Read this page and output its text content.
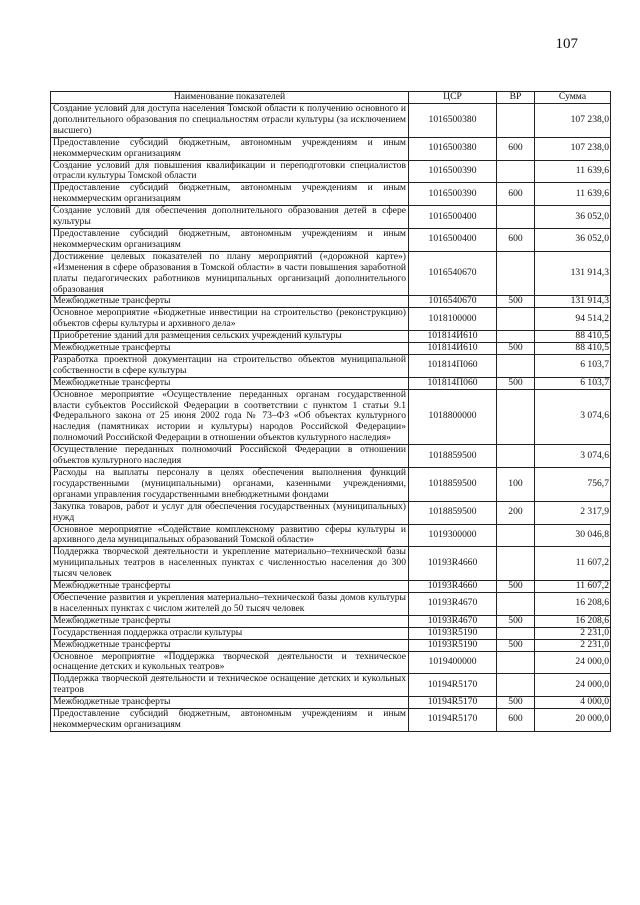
107
Наименование показателей	ЦСР	ВР	Сумма
Создание условий для доступа населения Томской области к получению основного и дополнительного образования по специальностям отрасли культуры (за исключением высшего)	1016500380		107 238,0
Предоставление субсидий бюджетным, автономным учреждениям и иным некоммерческим организациям	1016500380	600	107 238,0
Создание условий для повышения квалификации и переподготовки специалистов отрасли культуры Томской области	1016500390		11 639,6
Предоставление субсидий бюджетным, автономным учреждениям и иным некоммерческим организациям	1016500390	600	11 639,6
Создание условий для обеспечения дополнительного образования детей в сфере культуры	1016500400		36 052,0
Предоставление субсидий бюджетным, автономным учреждениям и иным некоммерческим организациям	1016500400	600	36 052,0
Достижение целевых показателей по плану мероприятий («дорожной карте») «Изменения в сфере образования в Томской области» в части повышения заработной платы педагогических работников муниципальных организаций дополнительного образования	1016540670		131 914,3
Межбюджетные трансферты	1016540670	500	131 914,3
Основное мероприятие «Бюджетные инвестиции на строительство (реконструкцию) объектов сферы культуры и архивного дела»	1018100000		94 514,2
Приобретение зданий для размещения сельских учреждений культуры	101814И610		88 410,5
Межбюджетные трансферты	101814И610	500	88 410,5
Разработка проектной документации на строительство объектов муниципальной собственности в сфере культуры	101814П060		6 103,7
Межбюджетные трансферты	101814П060	500	6 103,7
Основное мероприятие «Осуществление переданных органам государственной власти субъектов Российской Федерации в соответствии с пунктом 1 статьи 9.1 Федерального закона от 25 июня 2002 года № 73–ФЗ «Об объектах культурного наследия (памятниках истории и культуры) народов Российской Федерации» полномочий Российской Федерации в отношении объектов культурного наследия»	1018800000		3 074,6
Осуществление переданных полномочий Российской Федерации в отношении объектов культурного наследия	1018859500		3 074,6
Расходы на выплаты персоналу в целях обеспечения выполнения функций государственными (муниципальными) органами, казенными учреждениями, органами управления государственными внебюджетными фондами	1018859500	100	756,7
Закупка товаров, работ и услуг для обеспечения государственных (муниципальных) нужд	1018859500	200	2 317,9
Основное мероприятие «Содействие комплексному развитию сферы культуры и архивного дела муниципальных образований Томской области»	1019300000		30 046,8
Поддержка творческой деятельности и укрепление материально–технической базы муниципальных театров в населенных пунктах с численностью населения до 300 тысяч человек	10193R4660		11 607,2
Межбюджетные трансферты	10193R4660	500	11 607,2
Обеспечение развития и укрепления материально–технической базы домов культуры в населенных пунктах с числом жителей до 50 тысяч человек	10193R4670		16 208,6
Межбюджетные трансферты	10193R4670	500	16 208,6
Государственная поддержка отрасли культуры	10193R5190		2 231,0
Межбюджетные трансферты	10193R5190	500	2 231,0
Основное мероприятие «Поддержка творческой деятельности и техническое оснащение детских и кукольных театров»	1019400000		24 000,0
Поддержка творческой деятельности и техническое оснащение детских и кукольных театров	10194R5170		24 000,0
Межбюджетные трансферты	10194R5170	500	4 000,0
Предоставление субсидий бюджетным, автономным учреждениям и иным некоммерческим организациям	10194R5170	600	20 000,0
